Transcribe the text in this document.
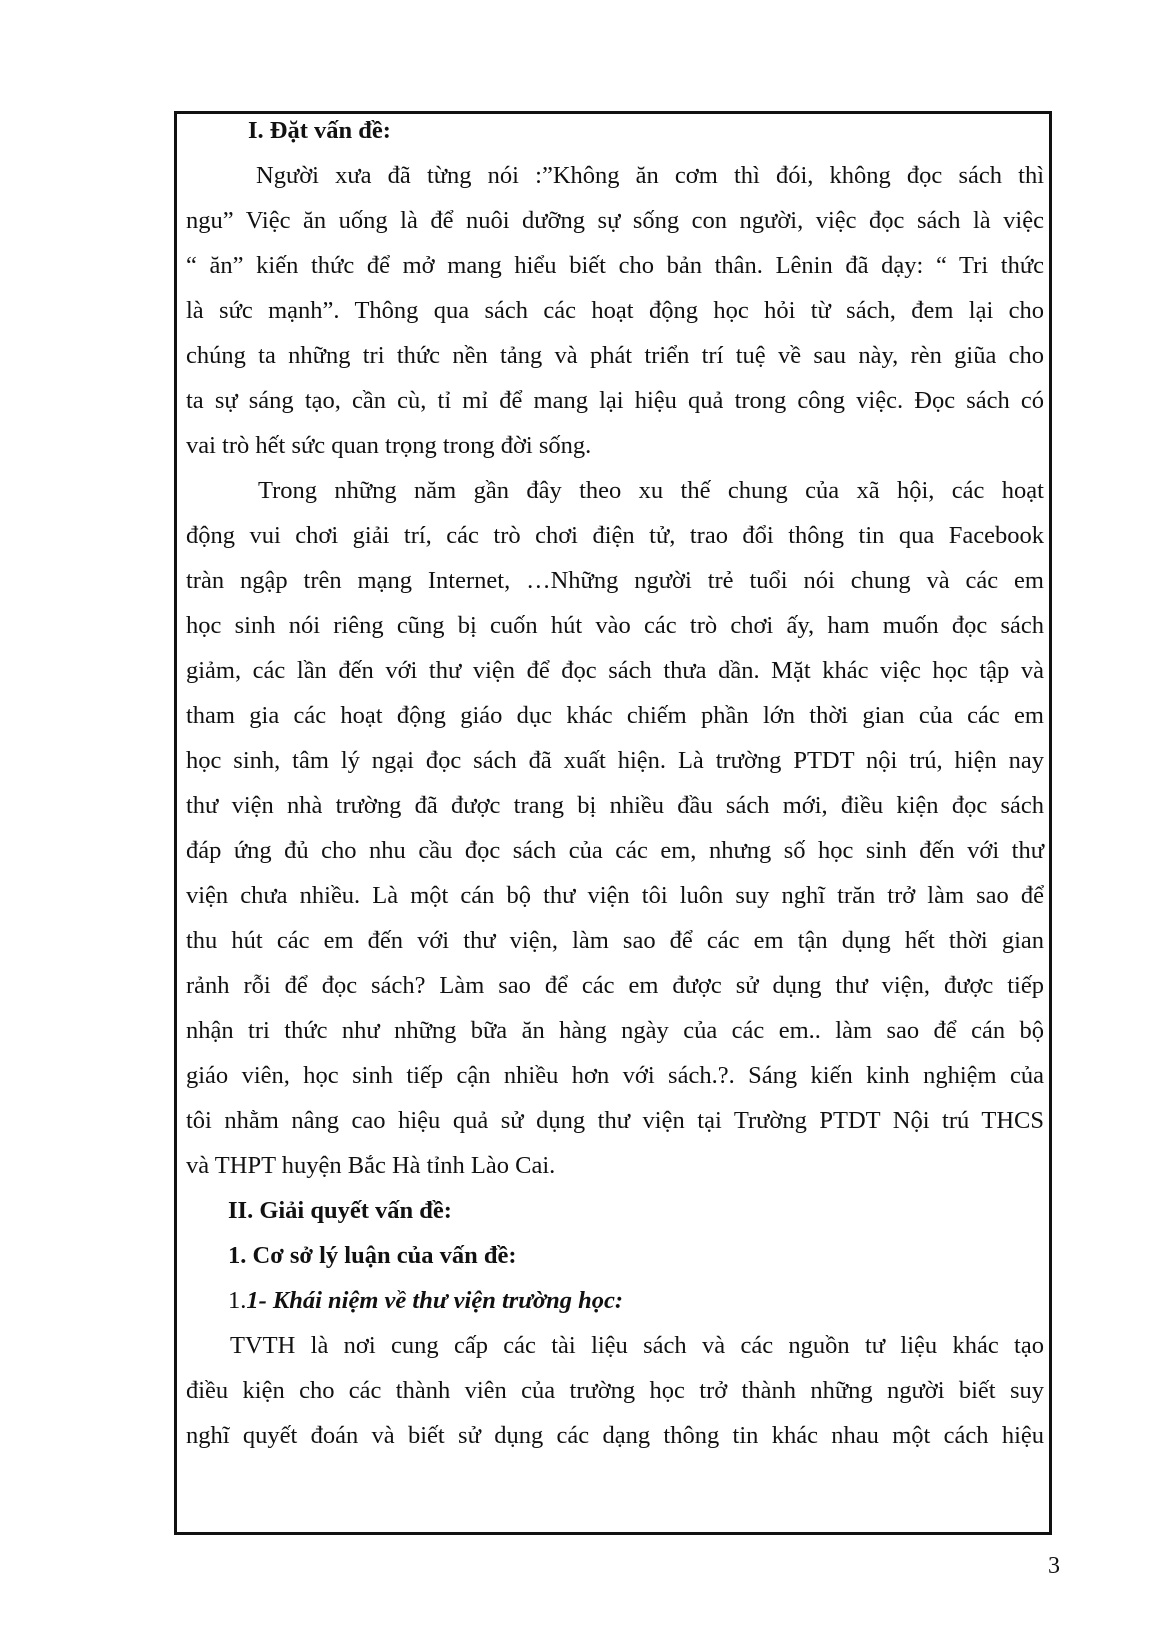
I. Đặt vấn đề:
Người xưa đã từng nói :”Không ăn cơm thì đói, không đọc sách thì
ngu” Việc ăn uống là để nuôi dưỡng sự sống con người, việc đọc sách là việc
“ ăn” kiến thức để mở mang hiểu biết cho bản thân. Lênin đã dạy: “ Tri thức
là sức mạnh”. Thông qua sách các hoạt động học hỏi từ sách, đem lại cho
chúng ta những tri thức nền tảng và phát triển trí tuệ về sau này, rèn giũa cho
ta sự sáng tạo, cần cù, tỉ mỉ để mang lại hiệu quả trong công việc. Đọc sách có
vai trò hết sức quan trọng trong đời sống.
Trong những năm gần đây theo xu thế chung của xã hội, các hoạt
động vui chơi giải trí, các trò chơi điện tử, trao đổi thông tin qua Facebook
tràn ngập trên mạng Internet, …Những người trẻ tuổi nói chung và các em
học sinh nói riêng cũng bị cuốn hút vào các trò chơi ấy, ham muốn đọc sách
giảm, các lần đến với thư viện để đọc sách thưa dần. Mặt khác việc học tập và
tham gia các hoạt động giáo dục khác chiếm phần lớn thời gian của các em
học sinh, tâm lý ngại đọc sách đã xuất hiện. Là trường PTDT nội trú, hiện nay
thư viện nhà trường đã được trang bị nhiều đầu sách mới, điều kiện đọc sách
đáp ứng đủ cho nhu cầu đọc sách của các em, nhưng số học sinh đến với thư
viện chưa nhiều. Là một cán bộ thư viện tôi luôn suy nghĩ trăn trở làm sao để
thu hút các em đến với thư viện, làm sao để các em tận dụng hết thời gian
rảnh rỗi để đọc sách? Làm sao để các em được sử dụng thư viện, được tiếp
nhận tri thức như những bữa ăn hàng ngày của các em.. làm sao để cán bộ
giáo viên, học sinh tiếp cận nhiều hơn với sách.?. Sáng kiến kinh nghiệm của
tôi nhằm nâng cao hiệu quả sử dụng thư viện tại Trường PTDT Nội trú THCS
và THPT huyện Bắc Hà tỉnh Lào Cai.
II. Giải quyết vấn đề:
1. Cơ sở lý luận của vấn đề:
1.1- Khái niệm về thư viện trường học:
TVTH là nơi cung cấp các tài liệu sách và các nguồn tư liệu khác tạo
điều kiện cho các thành viên của trường học trở thành những người biết suy
nghĩ quyết đoán và biết sử dụng các dạng thông tin khác nhau một cách hiệu
3
